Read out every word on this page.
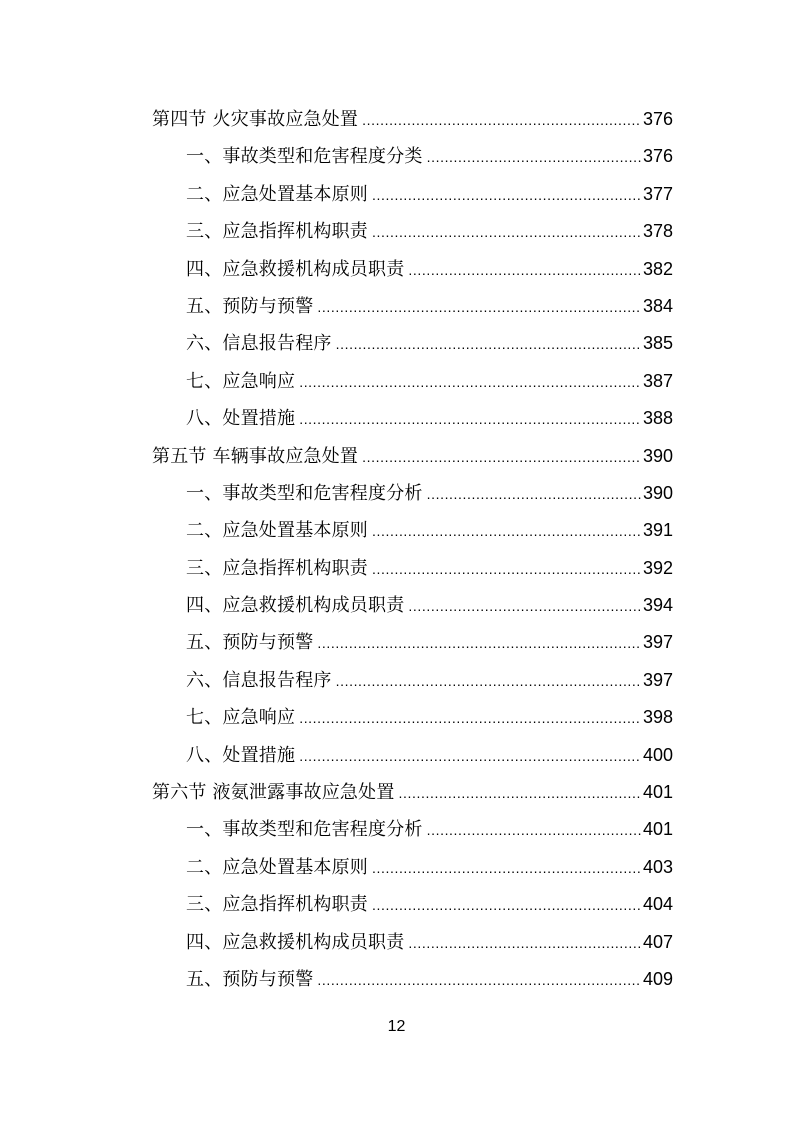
第四节 火灾事故应急处置 .....	376
一、事故类型和危害程度分类 .....	376
二、应急处置基本原则 .....	377
三、应急指挥机构职责 .....	378
四、应急救援机构成员职责 .....	382
五、预防与预警 .....	384
六、信息报告程序 .....	385
七、应急响应 .....	387
八、处置措施 .....	388
第五节 车辆事故应急处置 .....	390
一、事故类型和危害程度分析 .....	390
二、应急处置基本原则 .....	391
三、应急指挥机构职责 .....	392
四、应急救援机构成员职责 .....	394
五、预防与预警 .....	397
六、信息报告程序 .....	397
七、应急响应 .....	398
八、处置措施 .....	400
第六节 液氨泄露事故应急处置 .....	401
一、事故类型和危害程度分析 .....	401
二、应急处置基本原则 .....	403
三、应急指挥机构职责 .....	404
四、应急救援机构成员职责 .....	407
五、预防与预警 .....	409
12
